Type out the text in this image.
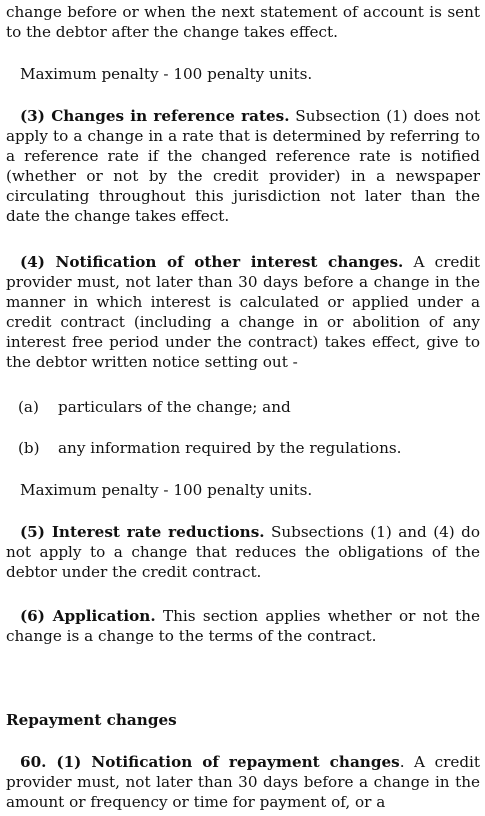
change before or when the next statement of account is sent to the debtor after the change takes effect.

Maximum penalty - 100 penalty units.

(3) Changes in reference rates. Subsection (1) does not apply to a change in a rate that is determined by referring to a reference rate if the changed reference rate is notified (whether or not by the credit provider) in a newspaper circulating throughout this jurisdiction not later than the date the change takes effect.

(4) Notification of other interest changes. A credit provider must, not later than 30 days before a change in the manner in which interest is calculated or applied under a credit contract (including a change in or abolition of any interest free period under the contract) takes effect, give to the debtor written notice setting out -

(a)	particulars of the change; and
(b)	any information required by the regulations.

Maximum penalty - 100 penalty units.

(5) Interest rate reductions. Subsections (1) and (4) do not apply to a change that reduces the obligations of the debtor under the credit contract.

(6) Application. This section applies whether or not the change is a change to the terms of the contract.

Repayment changes

60. (1) Notification of repayment changes. A credit provider must, not later than 30 days before a change in the amount or frequency or time for payment of, or a
